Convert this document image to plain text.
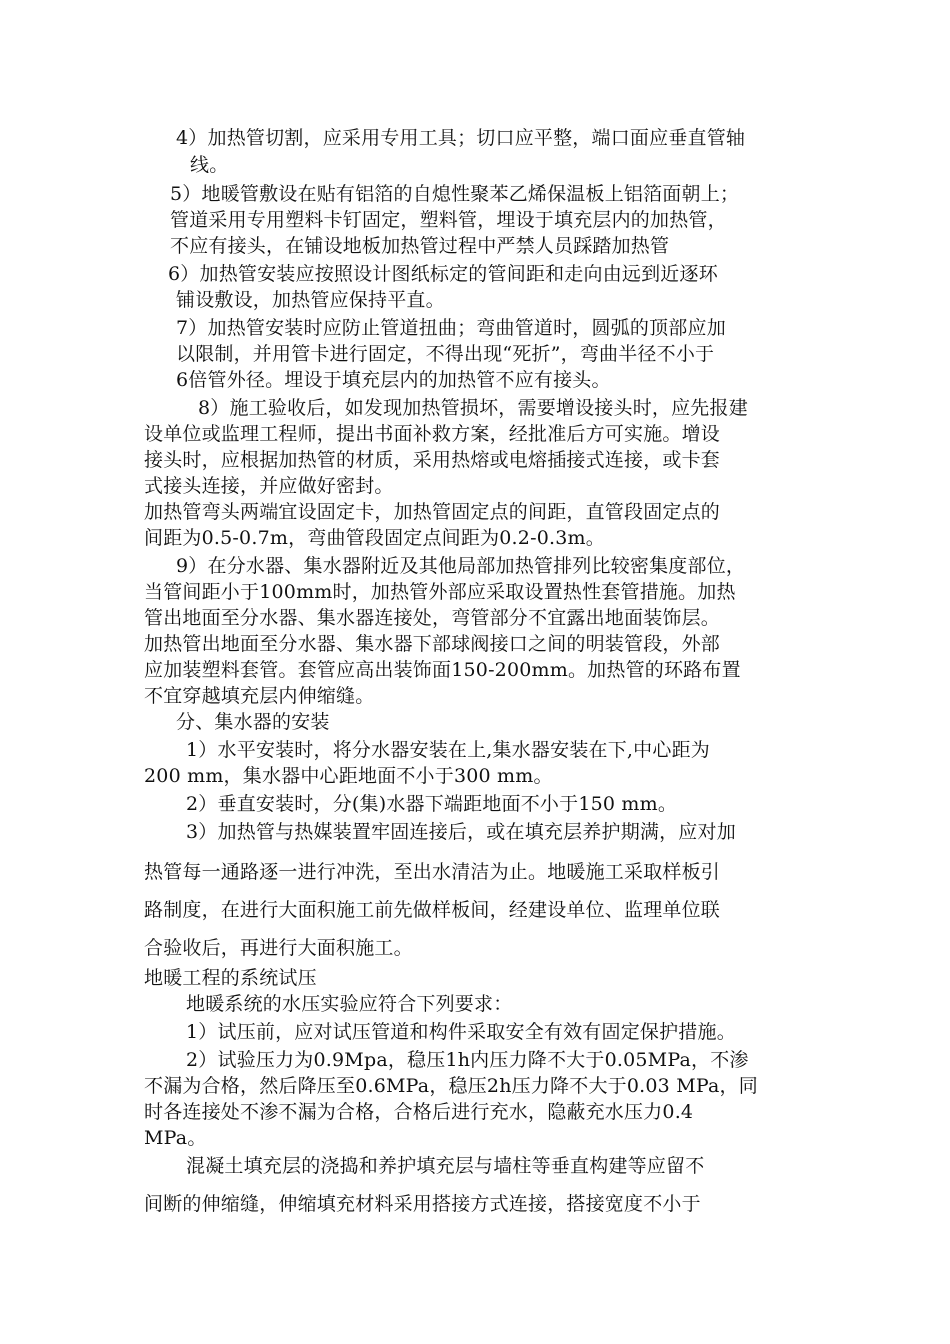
4）加热管切割，应采用专用工具；切口应平整，端口面应垂直管轴
线。
5）地暖管敷设在贴有铝箔的自熄性聚苯乙烯保温板上铝箔面朝上；
管道采用专用塑料卡钉固定，塑料管，埋设于填充层内的加热管，
不应有接头，在铺设地板加热管过程中严禁人员踩踏加热管
6）加热管安装应按照设计图纸标定的管间距和走向由远到近逐环
铺设敷设，加热管应保持平直。
7）加热管安装时应防止管道扭曲；弯曲管道时，圆弧的顶部应加
以限制，并用管卡进行固定，不得出现“死折”，弯曲半径不小于
6倍管外径。埋设于填充层内的加热管不应有接头。
8）施工验收后，如发现加热管损坏，需要增设接头时，应先报建
设单位或监理工程师，提出书面补救方案，经批准后方可实施。增设
接头时，应根据加热管的材质，采用热熔或电熔插接式连接，或卡套
式接头连接，并应做好密封。
加热管弯头两端宜设固定卡，加热管固定点的间距，直管段固定点的
间距为0.5-0.7m，弯曲管段固定点间距为0.2-0.3m。
9）在分水器、集水器附近及其他局部加热管排列比较密集度部位，
当管间距小于100mm时，加热管外部应采取设置热性套管措施。加热
管出地面至分水器、集水器连接处，弯管部分不宜露出地面装饰层。
加热管出地面至分水器、集水器下部球阀接口之间的明装管段，外部
应加装塑料套管。套管应高出装饰面150-200mm。加热管的环路布置
不宜穿越填充层内伸缩缝。
分、集水器的安装
1）水平安装时，将分水器安装在上,集水器安装在下,中心距为
200 mm，集水器中心距地面不小于300 mm。
2）垂直安装时，分(集)水器下端距地面不小于150 mm。
3）加热管与热媒装置牢固连接后，或在填充层养护期满，应对加
热管每一通路逐一进行冲洗，至出水清洁为止。地暖施工采取样板引
路制度，在进行大面积施工前先做样板间，经建设单位、监理单位联
合验收后，再进行大面积施工。
地暖工程的系统试压
地暖系统的水压实验应符合下列要求：
1）试压前，应对试压管道和构件采取安全有效有固定保护措施。
2）试验压力为0.9Mpa，稳压1h内压力降不大于0.05MPa，不渗
不漏为合格，然后降压至0.6MPa，稳压2h压力降不大于0.03 MPa，同
时各连接处不渗不漏为合格，合格后进行充水，隐蔽充水压力0.4
MPa。
混凝土填充层的浇捣和养护填充层与墙柱等垂直构建等应留不
间断的伸缩缝，伸缩填充材料采用搭接方式连接，搭接宽度不小于
